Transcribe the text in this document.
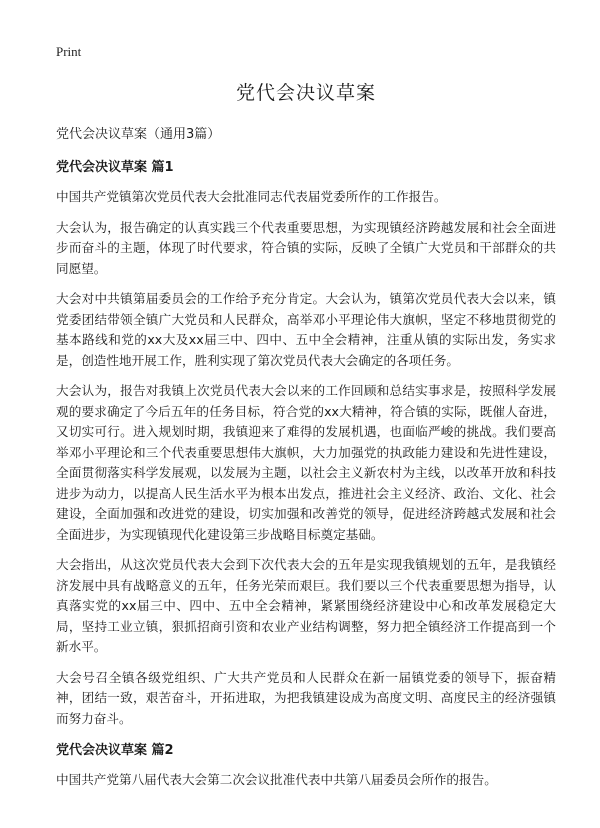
Print
党代会决议草案
党代会决议草案（通用3篇）
党代会决议草案 篇1

中国共产党镇第次党员代表大会批准同志代表届党委所作的工作报告。

大会认为，报告确定的认真实践三个代表重要思想，为实现镇经济跨越发展和社会全面进步而奋斗的主题，体现了时代要求，符合镇的实际，反映了全镇广大党员和干部群众的共同愿望。

大会对中共镇第届委员会的工作给予充分肯定。大会认为，镇第次党员代表大会以来，镇党委团结带领全镇广大党员和人民群众，高举邓小平理论伟大旗帜，坚定不移地贯彻党的基本路线和党的xx大及xx届三中、四中、五中全会精神，注重从镇的实际出发，务实求是，创造性地开展工作，胜利实现了第次党员代表大会确定的各项任务。

大会认为，报告对我镇上次党员代表大会以来的工作回顾和总结实事求是，按照科学发展观的要求确定了今后五年的任务目标，符合党的xx大精神，符合镇的实际，既催人奋进，又切实可行。进入规划时期，我镇迎来了难得的发展机遇，也面临严峻的挑战。我们要高举邓小平理论和三个代表重要思想伟大旗帜，大力加强党的执政能力建设和先进性建设，全面贯彻落实科学发展观，以发展为主题，以社会主义新农村为主线，以改革开放和科技进步为动力，以提高人民生活水平为根本出发点，推进社会主义经济、政治、文化、社会建设，全面加强和改进党的建设，切实加强和改善党的领导，促进经济跨越式发展和社会全面进步，为实现镇现代化建设第三步战略目标奠定基础。

大会指出，从这次党员代表大会到下次代表大会的五年是实现我镇规划的五年，是我镇经济发展中具有战略意义的五年，任务光荣而艰巨。我们要以三个代表重要思想为指导，认真落实党的xx届三中、四中、五中全会精神，紧紧围绕经济建设中心和改革发展稳定大局，坚持工业立镇，狠抓招商引资和农业产业结构调整，努力把全镇经济工作提高到一个新水平。

大会号召全镇各级党组织、广大共产党员和人民群众在新一届镇党委的领导下，振奋精神，团结一致，艰苦奋斗，开拓进取，为把我镇建设成为高度文明、高度民主的经济强镇而努力奋斗。

党代会决议草案 篇2

中国共产党第八届代表大会第二次会议批准代表中共第八届委员会所作的报告。
